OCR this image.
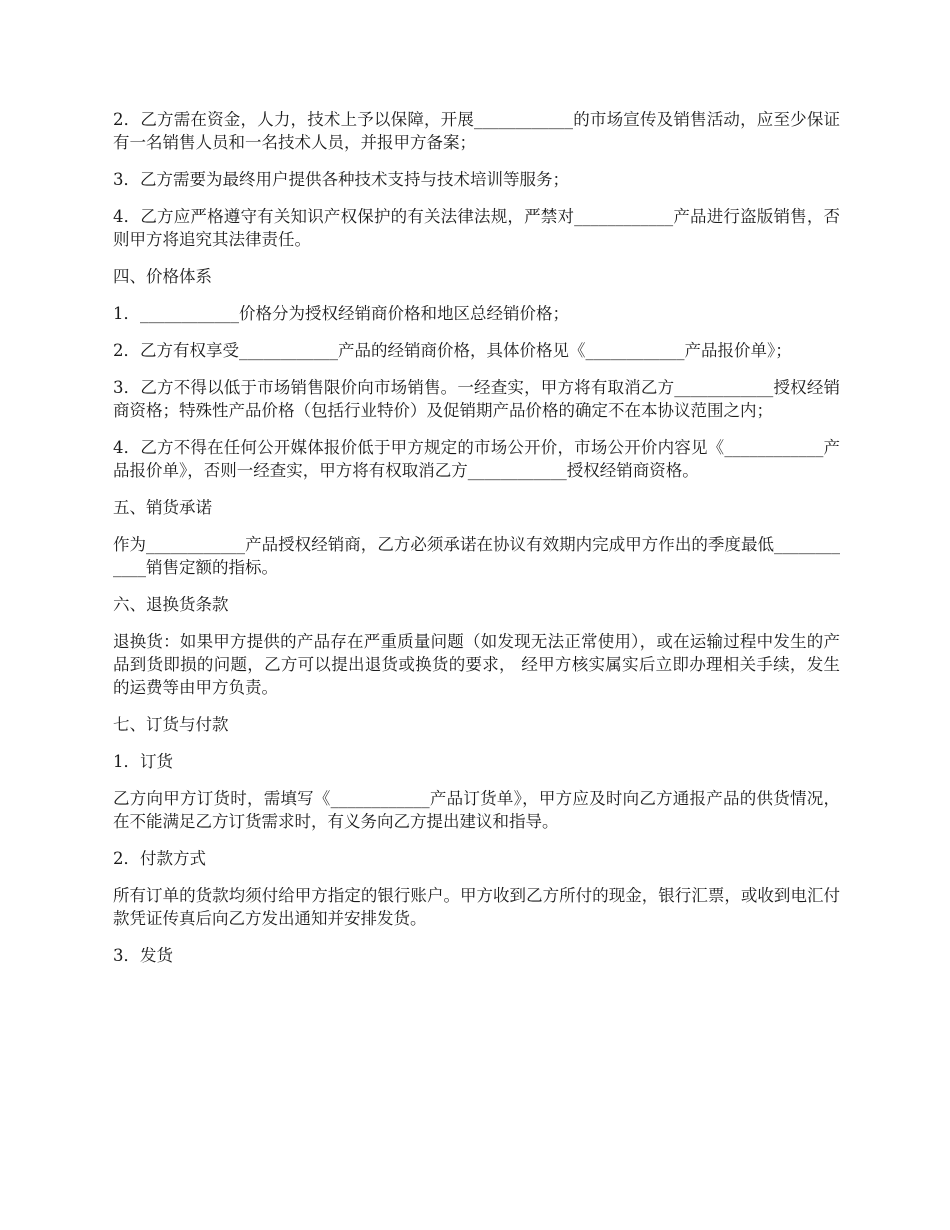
2．乙方需在资金，人力，技术上予以保障，开展____________的市场宣传及销售活动，应至少保证有一名销售人员和一名技术人员，并报甲方备案；

3．乙方需要为最终用户提供各种技术支持与技术培训等服务；

4．乙方应严格遵守有关知识产权保护的有关法律法规，严禁对____________产品进行盗版销售，否则甲方将追究其法律责任。

四、价格体系

1．____________价格分为授权经销商价格和地区总经销价格；

2．乙方有权享受____________产品的经销商价格，具体价格见《____________产品报价单》；

3．乙方不得以低于市场销售限价向市场销售。一经查实，甲方将有取消乙方____________授权经销商资格；特殊性产品价格（包括行业特价）及促销期产品价格的确定不在本协议范围之内；

4．乙方不得在任何公开媒体报价低于甲方规定的市场公开价，市场公开价内容见《____________产品报价单》，否则一经查实，甲方将有权取消乙方____________授权经销商资格。

五、销货承诺

作为____________产品授权经销商，乙方必须承诺在协议有效期内完成甲方作出的季度最低____________销售定额的指标。

六、退换货条款

退换货：如果甲方提供的产品存在严重质量问题（如发现无法正常使用），或在运输过程中发生的产品到货即损的问题，乙方可以提出退货或换货的要求， 经甲方核实属实后立即办理相关手续，发生的运费等由甲方负责。

七、订货与付款

1．订货

乙方向甲方订货时，需填写《____________产品订货单》，甲方应及时向乙方通报产品的供货情况，在不能满足乙方订货需求时，有义务向乙方提出建议和指导。

2．付款方式

所有订单的货款均须付给甲方指定的银行账户。甲方收到乙方所付的现金，银行汇票，或收到电汇付款凭证传真后向乙方发出通知并安排发货。

3．发货
